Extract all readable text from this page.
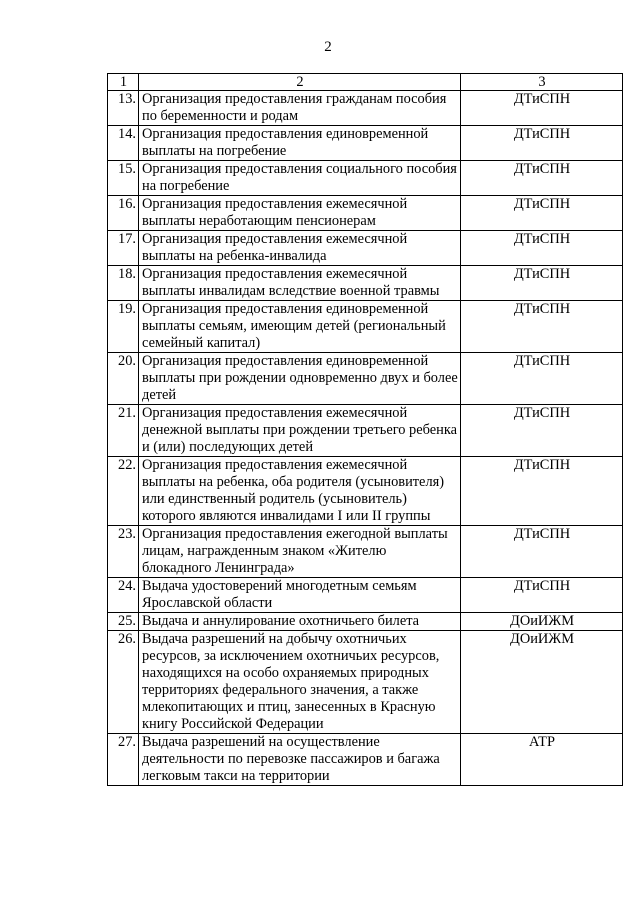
2
1	2	3
13.	Организация предоставления гражданам пособия по беременности и родам	ДТиСПН
14.	Организация предоставления единовременной выплаты на погребение	ДТиСПН
15.	Организация предоставления социального пособия на погребение	ДТиСПН
16.	Организация предоставления ежемесячной выплаты неработающим пенсионерам	ДТиСПН
17.	Организация предоставления ежемесячной выплаты на ребенка-инвалида	ДТиСПН
18.	Организация предоставления ежемесячной выплаты инвалидам вследствие военной травмы	ДТиСПН
19.	Организация предоставления единовременной выплаты семьям, имеющим детей (региональный семейный капитал)	ДТиСПН
20.	Организация предоставления единовременной выплаты при рождении одновременно двух и более детей	ДТиСПН
21.	Организация предоставления ежемесячной денежной выплаты при рождении третьего ребенка и (или) последующих детей	ДТиСПН
22.	Организация предоставления ежемесячной выплаты на ребенка, оба родителя (усыновителя) или единственный родитель (усыновитель) которого являются инвалидами I или II группы	ДТиСПН
23.	Организация предоставления ежегодной выплаты лицам, награжденным знаком «Жителю блокадного Ленинграда»	ДТиСПН
24.	Выдача удостоверений многодетным семьям Ярославской области	ДТиСПН
25.	Выдача и аннулирование охотничьего билета	ДОиИЖМ
26.	Выдача разрешений на добычу охотничьих ресурсов, за исключением охотничьих ресурсов, находящихся на особо охраняемых природных территориях федерального значения, а также млекопитающих и птиц, занесенных в Красную книгу Российской Федерации	ДОиИЖМ
27.	Выдача разрешений на осуществление деятельности по перевозке пассажиров и багажа легковым такси на территории	АТР
